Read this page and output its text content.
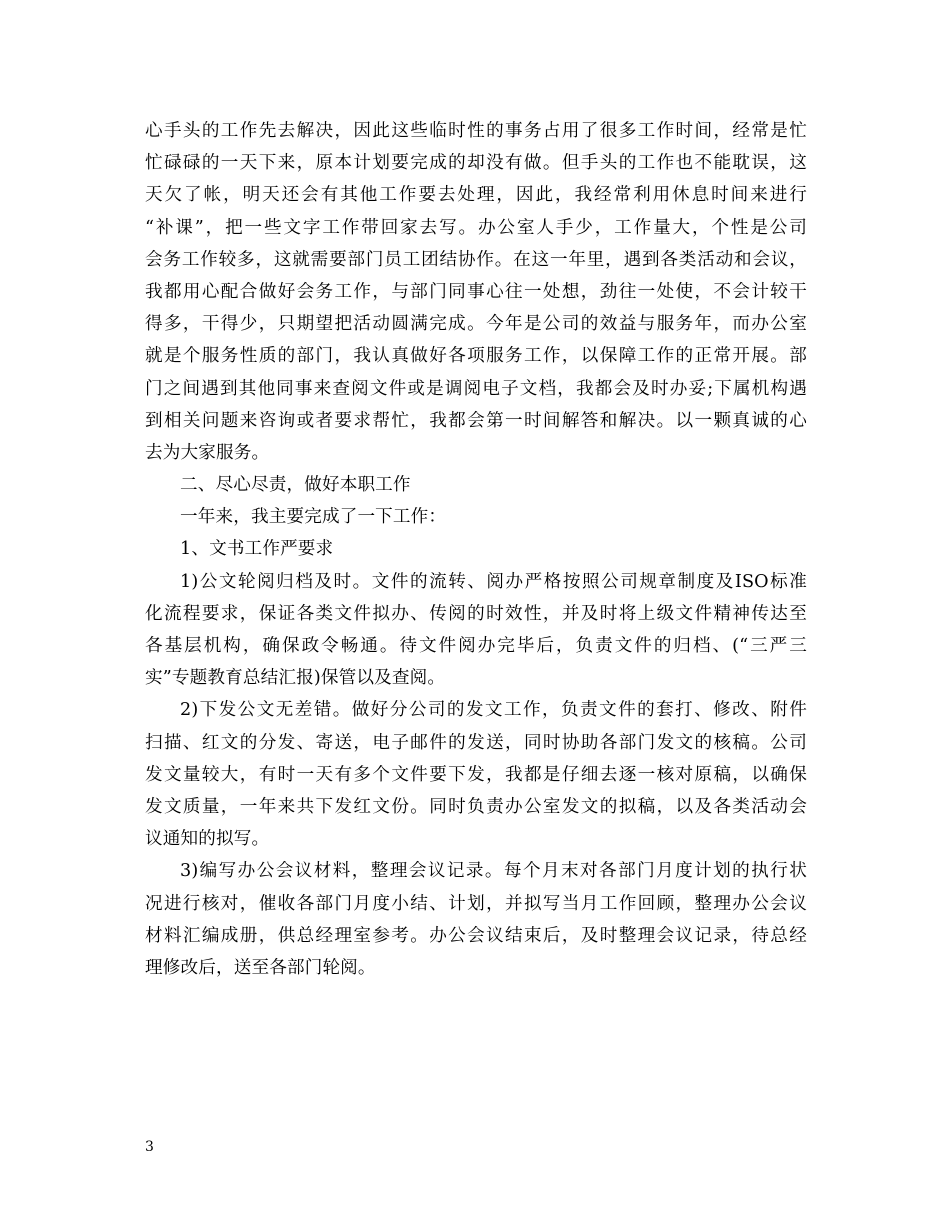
心手头的工作先去解决，因此这些临时性的事务占用了很多工作时间，经常是忙
忙碌碌的一天下来，原本计划要完成的却没有做。但手头的工作也不能耽误，这
天欠了帐，明天还会有其他工作要去处理，因此，我经常利用休息时间来进行
“补课”，把一些文字工作带回家去写。办公室人手少，工作量大，个性是公司
会务工作较多，这就需要部门员工团结协作。在这一年里，遇到各类活动和会议，
我都用心配合做好会务工作，与部门同事心往一处想，劲往一处使，不会计较干
得多，干得少，只期望把活动圆满完成。今年是公司的效益与服务年，而办公室
就是个服务性质的部门，我认真做好各项服务工作，以保障工作的正常开展。部
门之间遇到其他同事来查阅文件或是调阅电子文档，我都会及时办妥;下属机构遇
到相关问题来咨询或者要求帮忙，我都会第一时间解答和解决。以一颗真诚的心
去为大家服务。
二、尽心尽责，做好本职工作
一年来，我主要完成了一下工作：
1、文书工作严要求
1)公文轮阅归档及时。文件的流转、阅办严格按照公司规章制度及ISO标准
化流程要求，保证各类文件拟办、传阅的时效性，并及时将上级文件精神传达至
各基层机构，确保政令畅通。待文件阅办完毕后，负责文件的归档、(“三严三
实”专题教育总结汇报)保管以及查阅。
2)下发公文无差错。做好分公司的发文工作，负责文件的套打、修改、附件
扫描、红文的分发、寄送，电子邮件的发送，同时协助各部门发文的核稿。公司
发文量较大，有时一天有多个文件要下发，我都是仔细去逐一核对原稿，以确保
发文质量，一年来共下发红文份。同时负责办公室发文的拟稿，以及各类活动会
议通知的拟写。
3)编写办公会议材料，整理会议记录。每个月末对各部门月度计划的执行状
况进行核对，催收各部门月度小结、计划，并拟写当月工作回顾，整理办公会议
材料汇编成册，供总经理室参考。办公会议结束后，及时整理会议记录，待总经
理修改后，送至各部门轮阅。
3
